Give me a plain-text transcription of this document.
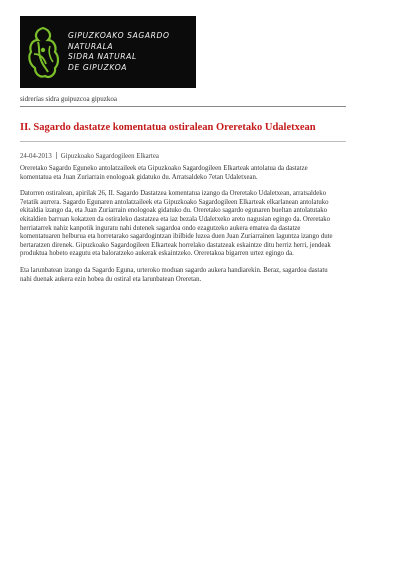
GIPUZKOAKO SAGARDO
NATURALA
SIDRA NATURAL
DE GIPUZKOA
sidrerías sidra guipuzcoa gipuzkoa
II. Sagardo dastatze komentatua ostiralean Oreretako Udaletxean
24-04-2013 Gipuzkoako Sagardogileen Elkartea

Oreretako Sagardo Eguneko antolatzaileek eta Gipuzkoako Sagardogileen Elkarteak antolatua da dastatze komentatua eta Juan Zuriarrain enologoak gidatuko du. Arratsaldeko 7etan Udaletxean.

Datorren ostiralean, apirilak 26, II. Sagardo Dastatzea komentatua izango da Oreretako Udaletxean, arratsaldeko 7etatik aurrera. Sagardo Egunaren antolatzaileek eta Gipuzkoako Sagardogileen Elkarteak elkarlanean antolatuko ekitaldia izango da, eta Juan Zuriarrain enologoak gidatuko du. Oreretako sagardo egunaren bueltan antolatutako ekitaldien barruan kokatzen da ostiraleko dastatzea eta iaz bezala Udaletxeko areto nagusian egingo da. Oreretako herriatarrek nahiz kanpotik inguratu nahi dutenek sagardoa ondo ezagutzeko aukera ematea da dastatze komentatuaren helburua eta horretarako sagardogintzan ibilbide luzea duen Juan Zuriarrainen laguntza izango dute bertaratzen direnek. Gipuzkoako Sagardogileen Elkarteak horrelako dastatzeak eskaintze ditu herriz herri, jendeak produktua hobeto ezagutu eta baloratzeko aukerak eskaintzeko. Oreretakoa bigarren urtez egingo da.

Eta larunbatean izango da Sagardo Eguna, urteroko moduan sagardo aukera handiarekin. Beraz, sagardoa dastatu nahi duenak aukera ezin hobea du ostiral eta larunbatean Oreretan.
